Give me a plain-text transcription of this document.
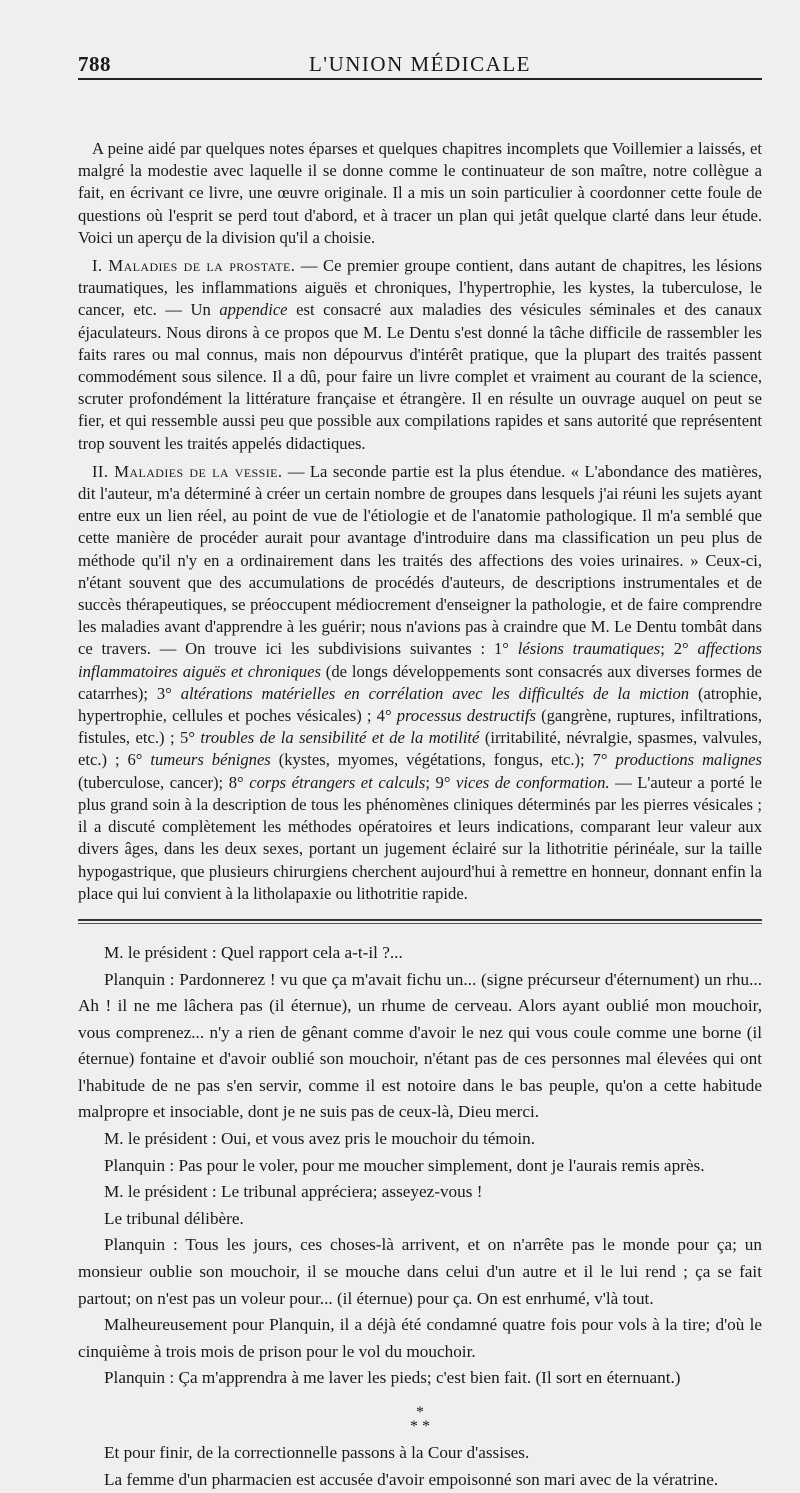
788	L'UNION MÉDICALE

A peine aidé par quelques notes éparses et quelques chapitres incomplets que Voillemier a laissés, et malgré la modestie avec laquelle il se donne comme le continuateur de son maître, notre collègue a fait, en écrivant ce livre, une œuvre originale. Il a mis un soin particulier à coordonner cette foule de questions où l'esprit se perd tout d'abord, et à tracer un plan qui jetât quelque clarté dans leur étude. Voici un aperçu de la division qu'il a choisie.

I. Maladies de la prostate. — Ce premier groupe contient, dans autant de chapitres, les lésions traumatiques, les inflammations aiguës et chroniques, l'hypertrophie, les kystes, la tuberculose, le cancer, etc. — Un appendice est consacré aux maladies des vésicules séminales et des canaux éjaculateurs. Nous dirons à ce propos que M. Le Dentu s'est donné la tâche difficile de rassembler les faits rares ou mal connus, mais non dépourvus d'intérêt pratique, que la plupart des traités passent commodément sous silence. Il a dû, pour faire un livre complet et vraiment au courant de la science, scruter profondément la littérature française et étrangère. Il en résulte un ouvrage auquel on peut se fier, et qui ressemble aussi peu que possible aux compilations rapides et sans autorité que représentent trop souvent les traités appelés didactiques.

II. Maladies de la vessie. — La seconde partie est la plus étendue. « L'abondance des matières, dit l'auteur, m'a déterminé à créer un certain nombre de groupes dans lesquels j'ai réuni les sujets ayant entre eux un lien réel, au point de vue de l'étiologie et de l'anatomie pathologique. Il m'a semblé que cette manière de procéder aurait pour avantage d'introduire dans ma classification un peu plus de méthode qu'il n'y en a ordinairement dans les traités des affections des voies urinaires. » Ceux-ci, n'étant souvent que des accumulations de procédés d'auteurs, de descriptions instrumentales et de succès thérapeutiques, se préoccupent médiocrement d'enseigner la pathologie, et de faire comprendre les maladies avant d'apprendre à les guérir; nous n'avions pas à craindre que M. Le Dentu tombât dans ce travers. — On trouve ici les subdivisions suivantes : 1° lésions traumatiques; 2° affections inflammatoires aiguës et chroniques (de longs développements sont consacrés aux diverses formes de catarrhes); 3° altérations matérielles en corrélation avec les difficultés de la miction (atrophie, hypertrophie, cellules et poches vésicales) ; 4° processus destructifs (gangrène, ruptures, infiltrations, fistules, etc.) ; 5° troubles de la sensibilité et de la motilité (irritabilité, névralgie, spasmes, valvules, etc.) ; 6° tumeurs bénignes (kystes, myomes, végétations, fongus, etc.); 7° productions malignes (tuberculose, cancer); 8° corps étrangers et calculs; 9° vices de conformation. — L'auteur a porté le plus grand soin à la description de tous les phénomènes cliniques déterminés par les pierres vésicales ; il a discuté complètement les méthodes opératoires et leurs indications, comparant leur valeur aux divers âges, dans les deux sexes, portant un jugement éclairé sur la lithotritie périnéale, sur la taille hypogastrique, que plusieurs chirurgiens cherchent aujourd'hui à remettre en honneur, donnant enfin la place qui lui convient à la litholapaxie ou lithotritie rapide.

M. le président : Quel rapport cela a-t-il ?...

Planquin : Pardonnerez ! vu que ça m'avait fichu un... (signe précurseur d'éternument) un rhu... Ah ! il ne me lâchera pas (il éternue), un rhume de cerveau. Alors ayant oublié mon mouchoir, vous comprenez... n'y a rien de gênant comme d'avoir le nez qui vous coule comme une borne (il éternue) fontaine et d'avoir oublié son mouchoir, n'étant pas de ces personnes mal élevées qui ont l'habitude de ne pas s'en servir, comme il est notoire dans le bas peuple, qu'on a cette habitude malpropre et insociable, dont je ne suis pas de ceux-là, Dieu merci.

M. le président : Oui, et vous avez pris le mouchoir du témoin.

Planquin : Pas pour le voler, pour me moucher simplement, dont je l'aurais remis après.

M. le président : Le tribunal appréciera; asseyez-vous !

Le tribunal délibère.

Planquin : Tous les jours, ces choses-là arrivent, et on n'arrête pas le monde pour ça; un monsieur oublie son mouchoir, il se mouche dans celui d'un autre et il le lui rend ; ça se fait partout; on n'est pas un voleur pour... (il éternue) pour ça. On est enrhumé, v'là tout.

Malheureusement pour Planquin, il a déjà été condamné quatre fois pour vols à la tire; d'où le cinquième à trois mois de prison pour le vol du mouchoir.

Planquin : Ça m'apprendra à me laver les pieds; c'est bien fait. (Il sort en éternuant.)

*
* *

Et pour finir, de la correctionnelle passons à la Cour d'assises.

La femme d'un pharmacien est accusée d'avoir empoisonné son mari avec de la vératrine.
